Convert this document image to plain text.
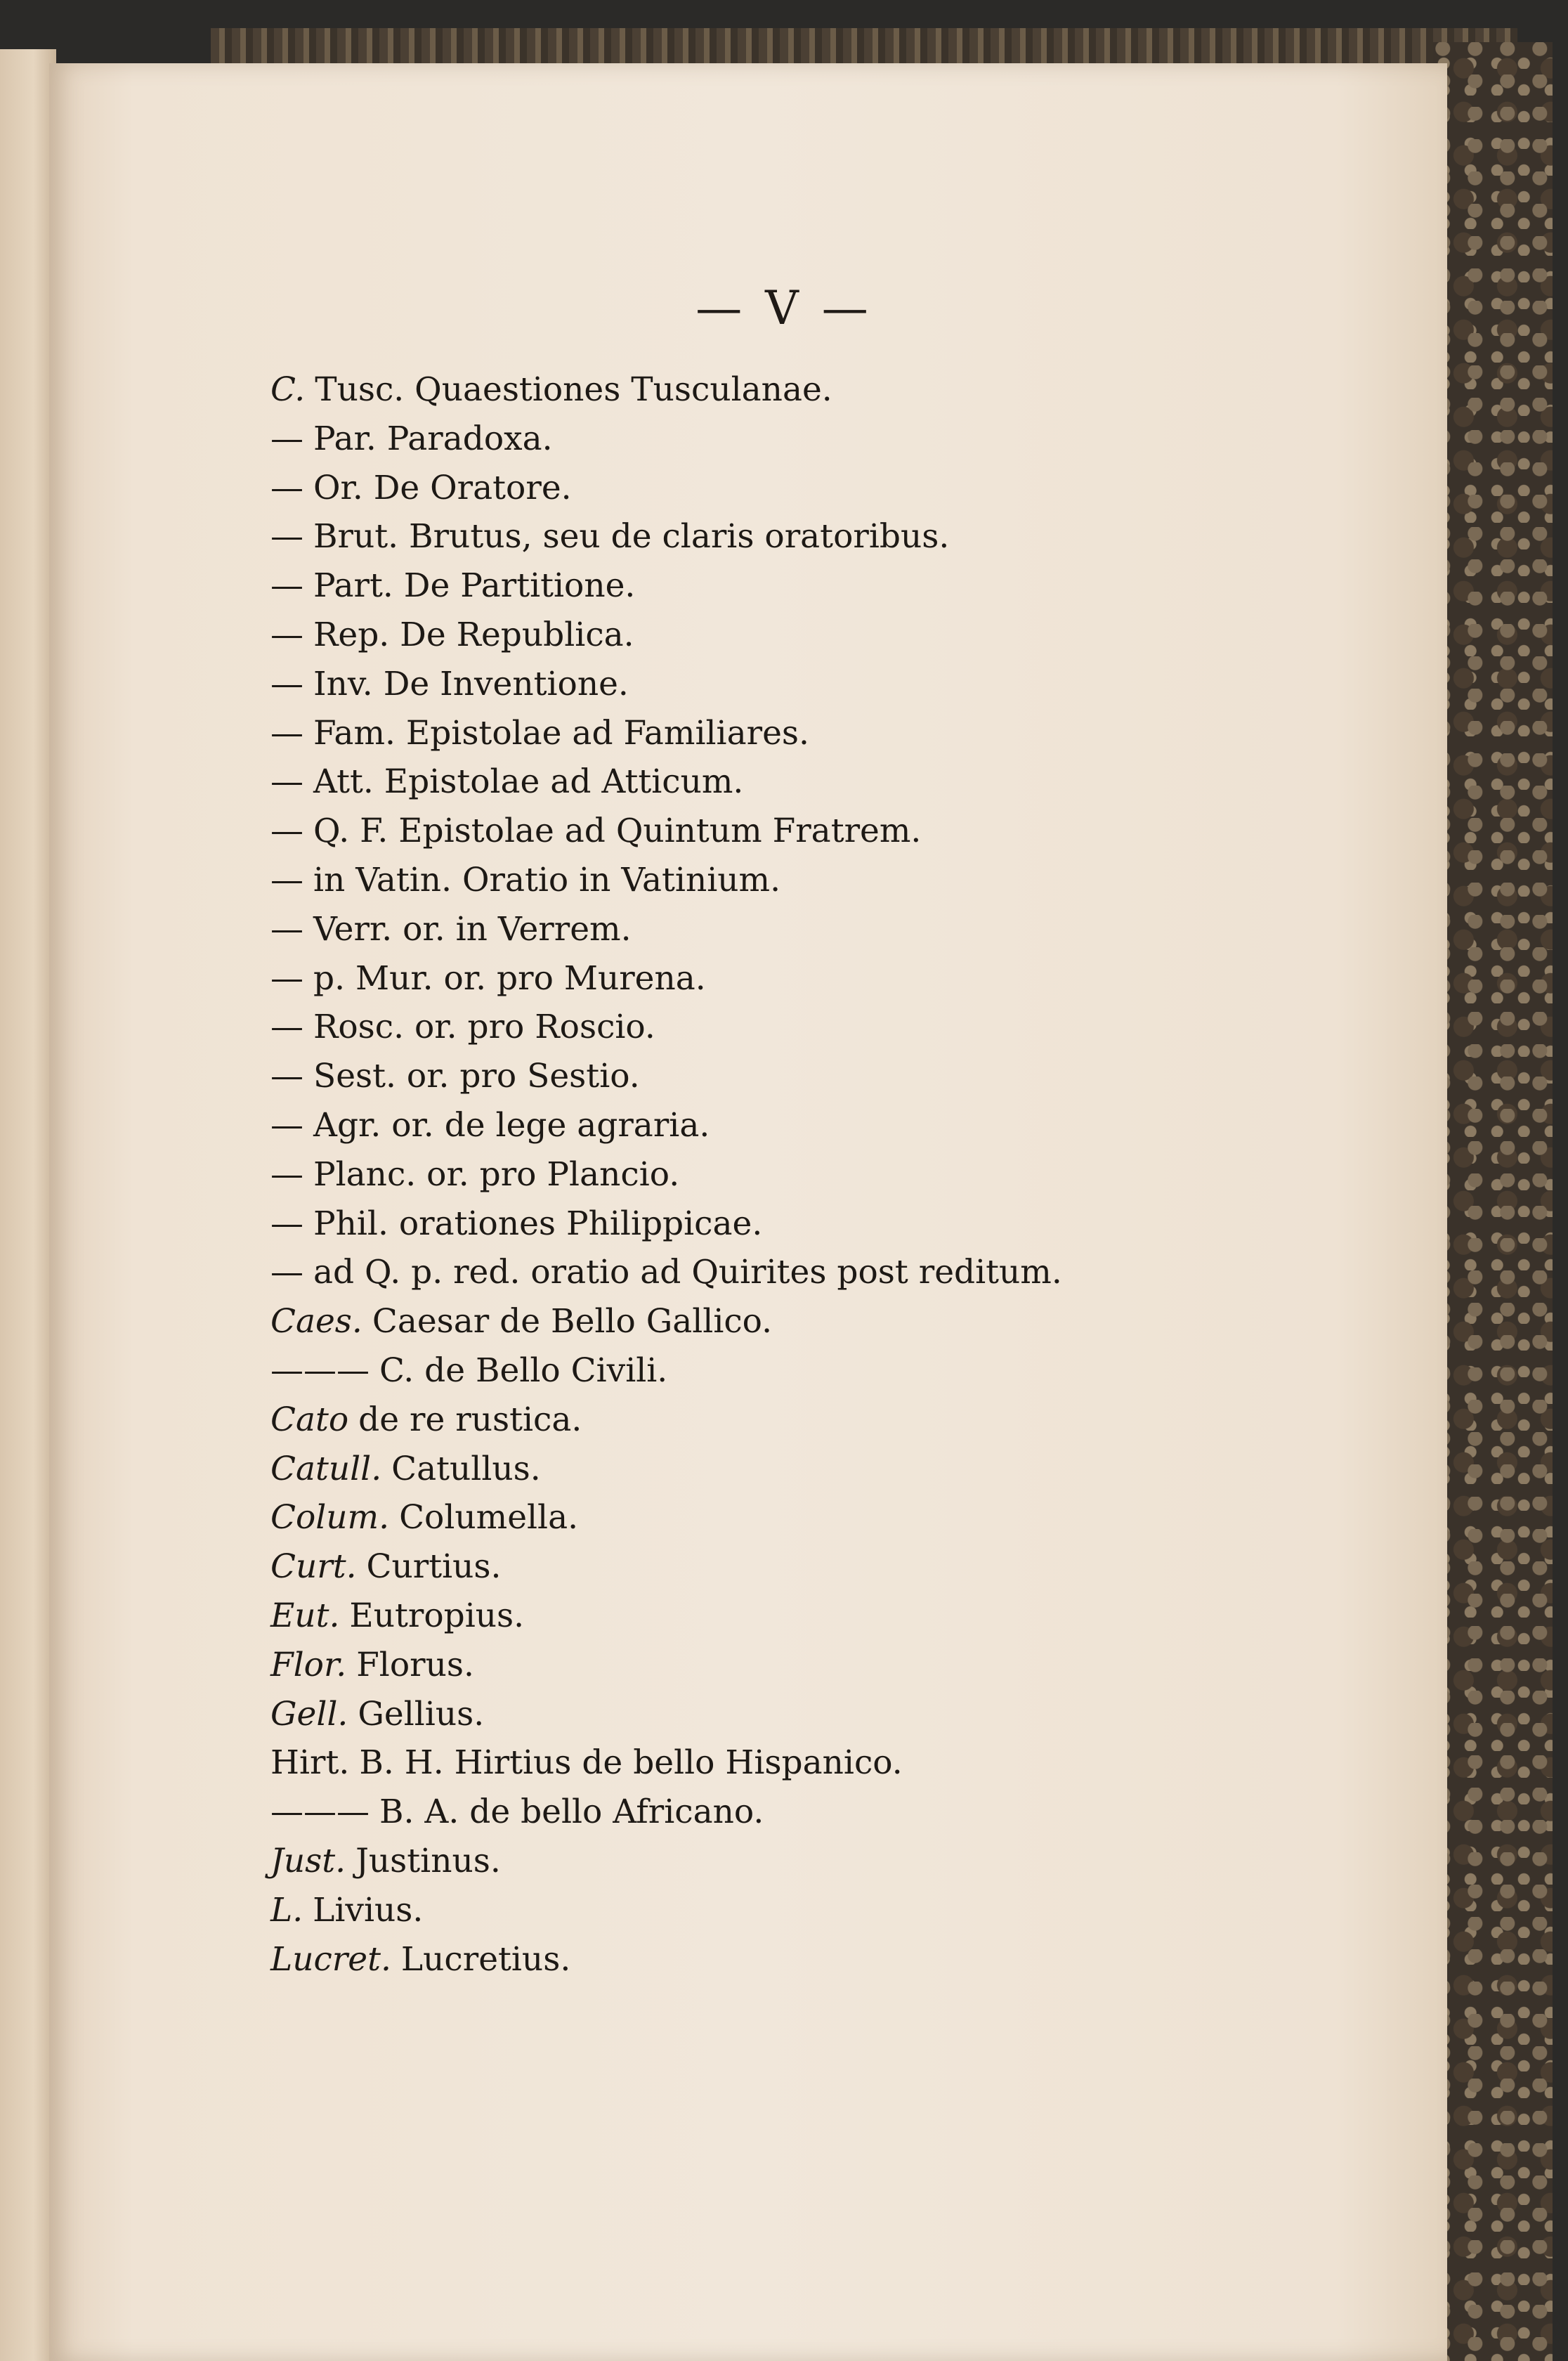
— V —
C. Tusc. Quaestiones Tusculanae.
— Par. Paradoxa.
— Or. De Oratore.
— Brut. Brutus, seu de claris oratoribus.
— Part. De Partitione.
— Rep. De Republica.
— Inv. De Inventione.
— Fam. Epistolae ad Familiares.
— Att. Epistolae ad Atticum.
— Q. F. Epistolae ad Quintum Fratrem.
— in Vatin. Oratio in Vatinium.
— Verr. or. in Verrem.
— p. Mur. or. pro Murena.
— Rosc. or. pro Roscio.
— Sest. or. pro Sestio.
— Agr. or. de lege agraria.
— Planc. or. pro Plancio.
— Phil. orationes Philippicae.
— ad Q. p. red. oratio ad Quirites post reditum.
Caes. Caesar de Bello Gallico.
——— C. de Bello Civili.
Cato de re rustica.
Catull. Catullus.
Colum. Columella.
Curt. Curtius.
Eut. Eutropius.
Flor. Florus.
Gell. Gellius.
Hirt. B. H. Hirtius de bello Hispanico.
——— B. A. de bello Africano.
Just. Justinus.
L. Livius.
Lucret. Lucretius.
